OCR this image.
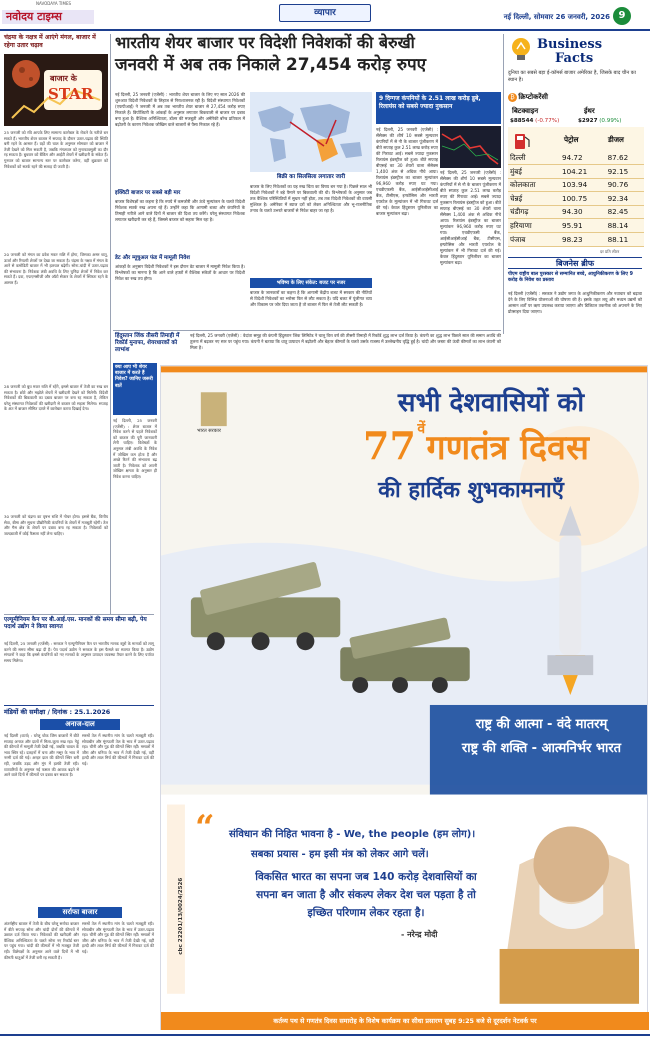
NAVODAYA TIMES
नवोदय टाइम्स	व्यापार	नई दिल्ली, सोमवार 26 जनवरी, 2026 9
चंद्रमा के नक्षत्र में आएंगे मंगल, बाजार में रहेगा उतार चढ़ाव
बाजार के
STAR
25 जनवरी को रवि आपके लिए सामान्य कारोबार के रोकने के नतीजे बन सकते हैं। भारतीय शेयर बाजार में सप्ताह के दौरान उतार-चढ़ाव की स्थिति बनी रहने के आसार हैं। ग्रहों की चाल के अनुसार सोमवार को बाजार में तेजी देखने को मिल सकती है, जबकि मंगलवार को मुनाफावसूली का दौर रह सकता है। बुधवार को बैंकिंग और आईटी शेयरों में खरीदारी के संकेत हैं। गुरुवार को बाजार सामान्य स्तर पर कारोबार करेगा, वहीं शुक्रवार को निवेशकों को सतर्क रहने की सलाह दी जाती है।
20 जनवरी को मंगल का प्रवेश मकर राशि में होगा, जिसका असर धातु, ऊर्जा और रियल्टी शेयरों पर देखा जा सकता है। चंद्रमा के नक्षत्र में मंगल के आने से कमोडिटी बाजार में भी हलचल बढ़ेगी। सोना-चांदी में उतार-चढ़ाव की संभावना है। निवेशक लंबी अवधि के लिए चुनिंदा शेयरों में निवेश कर सकते हैं। दवा, एफएमसीजी और ऑटो सेक्टर के शेयरों में स्थिरता रहने के आसार हैं।
28 जनवरी को बुध मकर राशि में रहेंगे, इससे बाजार में तेजी का रुख बन सकता है। छोटे और मझोले शेयरों में खरीदारी देखने को मिलेगी। विदेशी निवेशकों की बिकवाली का दबाव बाजार पर बना रह सकता है, लेकिन घरेलू संस्थागत निवेशकों की खरीदारी से बाजार को सहारा मिलेगा। सप्ताह के अंत में बाजार सीमित दायरे में कारोबार करता दिखाई देगा।
30 जनवरी को चंद्रमा का वृषभ राशि में गोचर होगा। इससे बैंक, वित्तीय सेवा, बीमा और सूचना प्रौद्योगिकी कंपनियों के शेयरों में मजबूती रहेगी। तेल और गैस क्षेत्र के शेयरों पर दबाव बना रह सकता है। निवेशकों को जल्दबाजी में कोई फैसला नहीं लेना चाहिए।
भारतीय शेयर बाजार पर विदेशी निवेशकों की बेरुखी
जनवरी में अब तक निकाले 27,454 करोड़ रुपए
नई दिल्ली, 25 जनवरी (एजेंसी) : भारतीय शेयर बाजार के लिए नए साल 2026 की शुरुआत विदेशी निवेशकों के लिहाज से निराशाजनक रही है। विदेशी संस्थागत निवेशकों (एफपीआई) ने जनवरी में अब तक भारतीय शेयर बाजार से 27,454 करोड़ रुपए निकाले हैं। डिपॉजिटरी के आंकड़ों के अनुसार लगातार बिकवाली से बाजार पर दबाव बना हुआ है। वैश्विक अनिश्चितता, डॉलर की मजबूती और अमेरिकी बॉन्ड प्रतिफल में बढ़ोतरी के कारण निवेशक जोखिम वाले बाजारों से पैसा निकाल रहे हैं।
इक्विटी बाजार पर सबसे बड़ी मार
बाजार विशेषज्ञों का कहना है कि रुपये में कमजोरी और ऊंचे मूल्यांकन के चलते विदेशी निवेशक सतर्क रुख अपना रहे हैं। उन्होंने कहा कि आगामी बजट और कंपनियों के तिमाही नतीजे आने वाले दिनों में बाजार की दिशा तय करेंगे। घरेलू संस्थागत निवेशक लगातार खरीदारी कर रहे हैं, जिससे बाजार को सहारा मिल रहा है।
डेट और म्यूचुअल फंड में मामूली निवेश
आंकड़ों के अनुसार विदेशी निवेशकों ने इस दौरान डेट बाजार में मामूली निवेश किया है। विश्लेषकों का मानना है कि आने वाले हफ्तों में वैश्विक संकेतों के आधार पर विदेशी निवेश का रुख तय होगा।
बिक्री का सिलसिला लगातार जारी
बाजार के लिए निवेशकों का यह रुख चिंता का विषय बन गया है। पिछले साल भी विदेशी निवेशकों ने बड़े पैमाने पर बिकवाली की थी। विश्लेषकों के अनुसार जब तक वैश्विक परिस्थितियों में सुधार नहीं होता, तब तक विदेशी निवेशकों की वापसी मुश्किल है। अमेरिका में ब्याज दरों को लेकर अनिश्चितता और भू-राजनीतिक तनाव के चलते उभरते बाजारों से निवेश बाहर जा रहा है।
भविष्य के लिए संकेत: बजट पर नजर
बाजार के जानकारों का कहना है कि आगामी केंद्रीय बजट में सरकार की नीतियों से विदेशी निवेशकों का भरोसा फिर से लौट सकता है। यदि बजट में पूंजीगत व्यय और विकास पर जोर दिया जाता है तो बाजार में फिर से तेजी लौट सकती है।
9 दिग्गज कंपनियों के 2.51 लाख करोड़ डूबे, रिलायंस को सबसे ज्यादा नुकसान
नई दिल्ली, 25 जनवरी (एजेंसी) : सेंसेक्स की शीर्ष 10 सबसे मूल्यवान कंपनियों में से नौ के बाजार पूंजीकरण में बीते सप्ताह कुल 2.51 लाख करोड़ रुपए की गिरावट आई। सबसे ज्यादा नुकसान रिलायंस इंडस्ट्रीज को हुआ। बीते सप्ताह बीएसई का 30 शेयरों वाला सेंसेक्स 1,400 अंक से अधिक नीचे आया। रिलायंस इंडस्ट्रीज का बाजार मूल्यांकन 96,960 करोड़ रुपए घट गया। एचडीएफसी बैंक, आईसीआईसीआई बैंक, टीसीएस, इन्फोसिस और भारती एयरटेल के मूल्यांकन में भी गिरावट दर्ज की गई। केवल हिंदुस्तान यूनिलीवर का बाजार मूल्यांकन बढ़ा।
नई दिल्ली, 25 जनवरी (एजेंसी) : सेंसेक्स की शीर्ष 10 सबसे मूल्यवान कंपनियों में से नौ के बाजार पूंजीकरण में बीते सप्ताह कुल 2.51 लाख करोड़ रुपए की गिरावट आई। सबसे ज्यादा नुकसान रिलायंस इंडस्ट्रीज को हुआ। बीते सप्ताह बीएसई का 30 शेयरों वाला सेंसेक्स 1,400 अंक से अधिक नीचे आया। रिलायंस इंडस्ट्रीज का बाजार मूल्यांकन 96,960 करोड़ रुपए घट गया। एचडीएफसी बैंक, आईसीआईसीआई बैंक, टीसीएस, इन्फोसिस और भारती एयरटेल के मूल्यांकन में भी गिरावट दर्ज की गई। केवल हिंदुस्तान यूनिलीवर का बाजार मूल्यांकन बढ़ा।
हिंदुस्तान जिंक तीसरी तिमाही में रिकॉर्ड मुनाफा, शेयरधारकों को लाभांश
नई दिल्ली, 25 जनवरी (एजेंसी) : वेदांता समूह की कंपनी हिंदुस्तान जिंक लिमिटेड ने चालू वित्त वर्ष की तीसरी तिमाही में रिकॉर्ड शुद्ध लाभ दर्ज किया है। कंपनी का शुद्ध लाभ पिछले साल की समान अवधि की तुलना में बढ़कर नए स्तर पर पहुंच गया। कंपनी ने बताया कि धातु उत्पादन में बढ़ोतरी और बेहतर कीमतों के चलते उसके राजस्व में उल्लेखनीय वृद्धि हुई है। चांदी और जस्ता की ऊंची कीमतों का लाभ कंपनी को मिला है।
Business
Facts
दुनिया का सबसे बड़ा ई-कॉमर्स बाजार अमेरिका है, जिसके बाद चीन का स्थान है।
₿ क्रिप्टोकरेंसी
बिटक्वाइन	ईथर
$88544 (-0.77%)	$2927 (0.99%)
पेट्रोल	डीजल
दिल्ली	94.72	87.62
मुंबई	104.21	92.15
कोलकाता	103.94	90.76
चेन्नई	100.75	92.34
चंडीगढ़	94.30	82.45
हरियाणा	95.91	88.14
पंजाब	98.23	88.11
दर प्रति लीटर
बिजनेस ब्रीफ
पीएम राष्ट्रीय बाल पुरस्कार से सम्मानित बच्चे, आधुनिकीकरण के लिए 9 करोड़ के निवेश का प्रस्ताव
नई दिल्ली (एजेंसी) : सरकार ने उद्योग जगत के आधुनिकीकरण और नवाचार को बढ़ावा देने के लिए विभिन्न योजनाओं की घोषणा की है। इसके तहत लघु और मध्यम उद्यमों को आसान शर्तों पर ऋण उपलब्ध कराया जाएगा और डिजिटल तकनीक को अपनाने के लिए प्रोत्साहन दिया जाएगा।
क्या आप भी शेयर बाजार में करते हैं निवेश? जानिए जरूरी बातें
नई दिल्ली, 25 जनवरी (एजेंसी) : शेयर बाजार में निवेश करने से पहले निवेशकों को बाजार की पूरी जानकारी लेनी चाहिए। विशेषज्ञों के अनुसार लंबी अवधि के निवेश में जोखिम कम होता है और अच्छे रिटर्न की संभावना बढ़ जाती है। निवेशक को अपनी जोखिम क्षमता के अनुसार ही निवेश करना चाहिए।
एल्यूमीनियम कैन पर बी.आई.एस. मानकों की समय सीमा बढ़ी, पेय पदार्थ उद्योग ने किया स्वागत
नई दिल्ली, 25 जनवरी (एजेंसी) : सरकार ने एल्यूमीनियम कैन पर भारतीय मानक ब्यूरो के मानकों को लागू करने की समय सीमा बढ़ा दी है। पेय पदार्थ उद्योग ने सरकार के इस फैसले का स्वागत किया है। उद्योग संगठनों ने कहा कि इससे कंपनियों को नए मानकों के अनुसार उत्पादन व्यवस्था तैयार करने के लिए पर्याप्त समय मिलेगा।
मंडियों की समीक्षा / दिनांक : 25.1.2026
अनाज-दाल
नई दिल्ली (वार्ता) : घरेलू थोक जिंस बाजारों में बीते सप्ताह अनाज और दालों में मिला-जुला रुख रहा। गेहूं की कीमतों में मामूली तेजी देखी गई, जबकि चावल के भाव स्थिर रहे। दलहनों में चना और मसूर के भाव में नरमी दर्ज की गई। अरहर दाल की कीमतें स्थिर बनी रहीं, जबकि उड़द और मूंग में हल्की तेजी रही। व्यापारियों के अनुसार नई फसल की आवक बढ़ने से आने वाले दिनों में कीमतों पर दबाव बन सकता है।
सरसों तेल में स्थानीय मांग के चलते मजबूती रही। सोयाबीन और मूंगफली तेल के भाव में उतार-चढ़ाव रहा। चीनी और गुड़ की कीमतें स्थिर रहीं। मसालों में जीरा और धनिया के भाव में तेजी देखी गई, वहीं हल्दी और लाल मिर्च की कीमतों में गिरावट दर्ज की गई।
सर्राफा बाजार
अंतर्राष्ट्रीय बाजार में तेजी के बीच घरेलू सर्राफा बाजार में बीते सप्ताह सोना और चांदी दोनों की कीमतों में उछाल दर्ज किया गया। निवेशकों की खरीदारी और वैश्विक अनिश्चितता के चलते सोना नए रिकॉर्ड स्तर पर पहुंच गया। चांदी की कीमतों में भी मजबूत तेजी रही। विशेषज्ञों के अनुसार आने वाले दिनों में भी कीमती धातुओं में तेजी बनी रह सकती है।
सरसों तेल में स्थानीय मांग के चलते मजबूती रही। सोयाबीन और मूंगफली तेल के भाव में उतार-चढ़ाव रहा। चीनी और गुड़ की कीमतें स्थिर रहीं। मसालों में जीरा और धनिया के भाव में तेजी देखी गई, वहीं हल्दी और लाल मिर्च की कीमतों में गिरावट दर्ज की गई।
भारत सरकार
सभी देशवासियों को
77 वें गणतंत्र दिवस
की हार्दिक शुभकामनाएँ
राष्ट्र की आत्मा - वंदे मातरम्
राष्ट्र की शक्ति - आत्मनिर्भर भारत
“ संविधान की निहित भावना है - We, the people (हम लोग)।
सबका प्रयास - हम इसी मंत्र को लेकर आगे चलें।
विकसित भारत का सपना जब 140 करोड़ देशवासियों का
सपना बन जाता है और संकल्प लेकर देश चल पड़ता है तो
इच्छित परिणाम लेकर रहता है।
- नरेन्द्र मोदी
cbc 22201/13/0024/2526
कर्तव्य पथ से गणतंत्र दिवस समारोह के विशेष कार्यक्रम का सीधा प्रसारण सुबह 9:25 बजे से दूरदर्शन नेटवर्क पर
